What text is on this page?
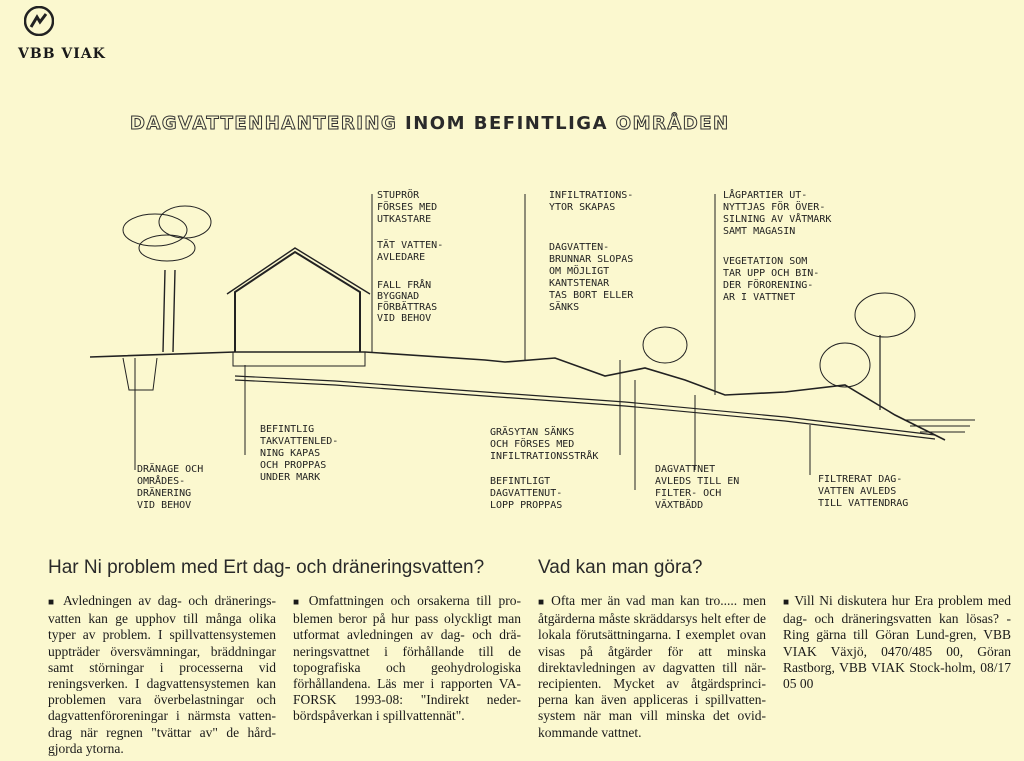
VBB VIAK
DAGVATTENHANTERING INOM BEFINTLIGA OMRÅDEN
STUPRÖR FÖRSES MED UTKASTARE
TÄT VATTEN-AVLEDARE
FALL FRÅN BYGGNAD FÖRBÄTTRAS VID BEHOV
INFILTRATIONS-YTOR SKAPAS
DAGVATTEN-BRUNNAR SLOPAS OM MÖJLIGT KANTSTENAR TAS BORT ELLER SÄNKS
LÅGPARTIER UT-NYTTJAS FÖR ÖVER-SILNING AV VÅTMARK SAMT MAGASIN
VEGETATION SOM TAR UPP OCH BIN-DER FÖRORENING-AR I VATTNET
DRÄNAGE OCH OMRÅDES-DRÄNERING VID BEHOV
BEFINTLIG TAKVATTENLED-NING KAPAS OCH PROPPAS UNDER MARK
GRÄSYTAN SÄNKS OCH FÖRSES MED INFILTRATIONSSTRÅK
BEFINTLIGT DAGVATTENUT-LOPP PROPPAS
DAGVATTNET AVLEDS TILL EN FILTER- OCH VÄXTBÄDD
FILTRERAT DAG-VATTEN AVLEDS TILL VATTENDRAG
Har Ni problem med Ert dag- och dräneringsvatten?	Vad kan man göra?
■ Avledningen av dag- och dränerings-vatten kan ge upphov till många olika typer av problem. I spillvattensystemen uppträder översvämningar, bräddningar samt störningar i processerna vid reningsverken. I dagvattensystemen kan problemen vara överbelastningar och dagvattenföroreningar i närmsta vatten-drag när regnen "tvättar av" de hård-gjorda ytorna.
■ Omfattningen och orsakerna till pro-blemen beror på hur pass olyckligt man utformat avledningen av dag- och drä-neringsvattnet i förhållande till de topografiska och geohydrologiska förhållandena. Läs mer i rapporten VA-FORSK 1993-08: "Indirekt neder-bördspåverkan i spillvattennät".
■ Ofta mer än vad man kan tro..... men åtgärderna måste skräddarsys helt efter de lokala förutsättningarna. I exemplet ovan visas på åtgärder för att minska direktavledningen av dagvatten till när-recipienten. Mycket av åtgärdsprinci-perna kan även appliceras i spillvatten-system när man vill minska det ovid-kommande vattnet.
■ Vill Ni diskutera hur Era problem med dag- och dräneringsvatten kan lösas? - Ring gärna till Göran Lund-gren, VBB VIAK Växjö, 0470/485 00, Göran Rastborg, VBB VIAK Stock-holm, 08/17 05 00
